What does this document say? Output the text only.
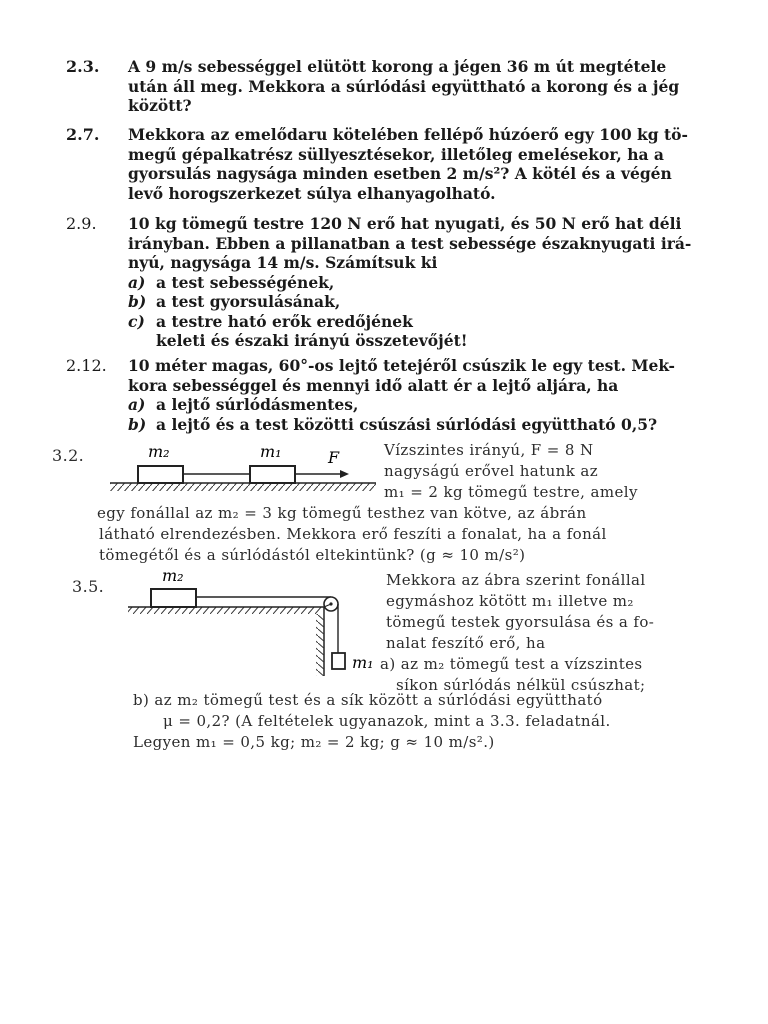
2.3. A 9 m/s sebességgel elütött korong a jégen 36 m út megtétele
után áll meg. Mekkora a súrlódási együttható a korong és a jég
között?
2.7. Mekkora az emelődaru kötelében fellépő húzóerő egy 100 kg tö-
megű gépalkatrész süllyesztésekor, illetőleg emelésekor, ha a
gyorsulás nagysága minden esetben 2 m/s²? A kötél és a végén
levő horogszerkezet súlya elhanyagolható.
2.9. 10 kg tömegű testre 120 N erő hat nyugati, és 50 N erő hat déli
irányban. Ebben a pillanatban a test sebessége északnyugati irá-
nyú, nagysága 14 m/s. Számítsuk ki
a) a test sebességének,
b) a test gyorsulásának,
c) a testre ható erők eredőjének
keleti és északi irányú összetevőjét!
2.12. 10 méter magas, 60°-os lejtő tetejéről csúszik le egy test. Mek-
kora sebességgel és mennyi idő alatt ér a lejtő aljára, ha
a) a lejtő súrlódásmentes,
b) a lejtő és a test közötti csúszási súrlódási együttható 0,5?
3.2.	m₂	m₁	F	Vízszintes irányú, F = 8 N
nagyságú erővel hatunk az
m₁ = 2 kg tömegű testre, amely
egy fonállal az m₂ = 3 kg tömegű testhez van kötve, az ábrán
látható elrendezésben. Mekkora erő feszíti a fonalat, ha a fonál
tömegétől és a súrlódástól eltekintünk? (g ≈ 10 m/s²)
3.5.
m₂
m₁
Mekkora az ábra szerint fonállal
egymáshoz kötött m₁ illetve m₂
tömegű testek gyorsulása és a fo-
nalat feszítő erő, ha
a) az m₂ tömegű test a vízszintes
síkon súrlódás nélkül csúszhat;
b) az m₂ tömegű test és a sík között a súrlódási együttható
μ = 0,2? (A feltételek ugyanazok, mint a 3.3. feladatnál.
Legyen m₁ = 0,5 kg; m₂ = 2 kg; g ≈ 10 m/s².)
